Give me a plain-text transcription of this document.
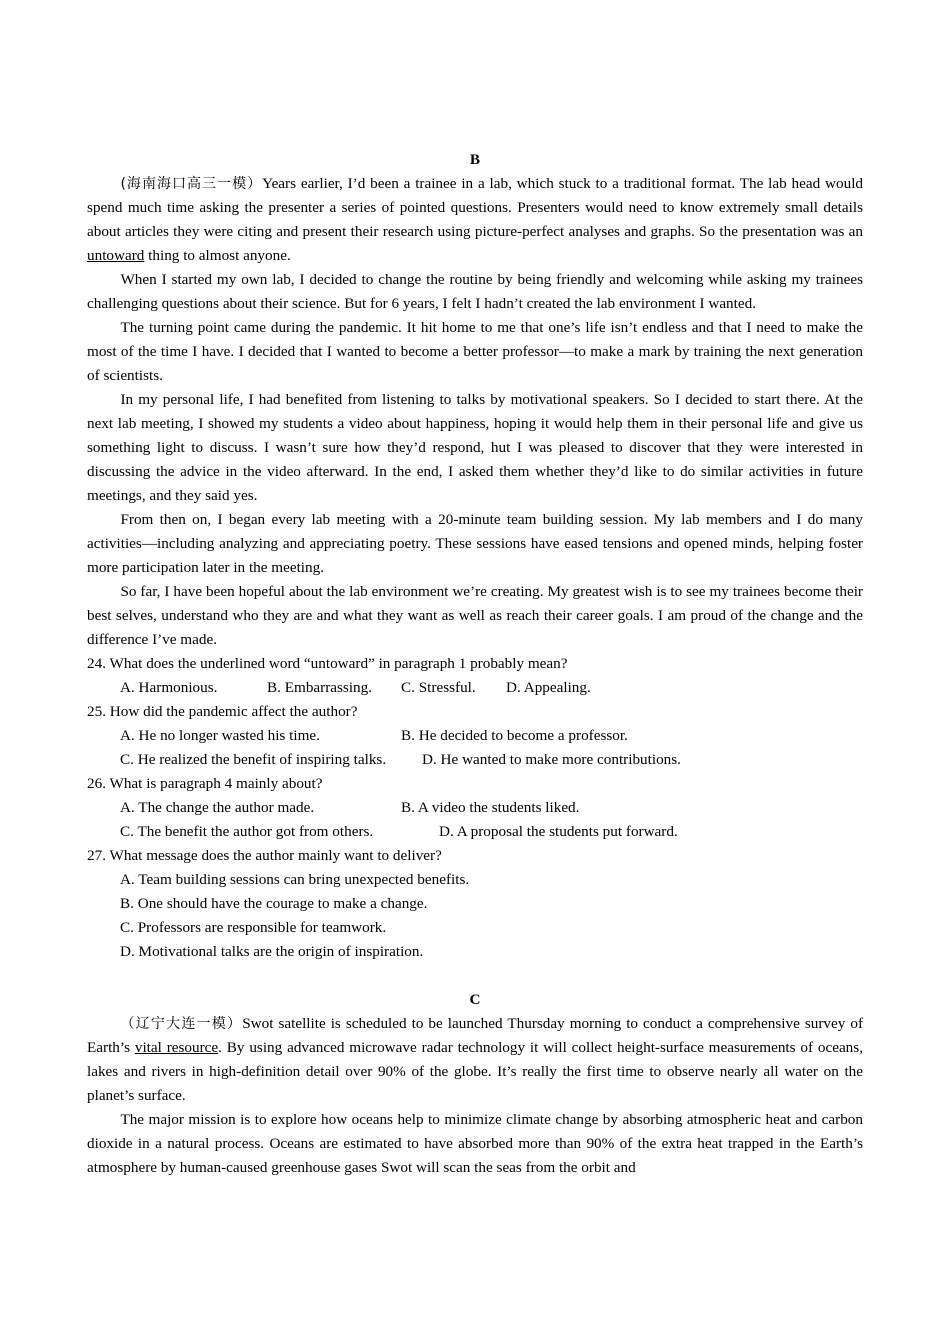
B

(海南海口高三一模）Years earlier, I’d been a trainee in a lab, which stuck to a traditional format. The lab head would spend much time asking the presenter a series of pointed questions. Presenters would need to know extremely small details about articles they were citing and present their research using picture-perfect analyses and graphs. So the presentation was an untoward thing to almost anyone.

When I started my own lab, I decided to change the routine by being friendly and welcoming while asking my trainees challenging questions about their science. But for 6 years, I felt I hadn’t created the lab environment I wanted.

The turning point came during the pandemic. It hit home to me that one’s life isn’t endless and that I need to make the most of the time I have. I decided that I wanted to become a better professor—to make a mark by training the next generation of scientists.

In my personal life, I had benefited from listening to talks by motivational speakers. So I decided to start there. At the next lab meeting, I showed my students a video about happiness, hoping it would help them in their personal life and give us something light to discuss. I wasn’t sure how they’d respond, hut I was pleased to discover that they were interested in discussing the advice in the video afterward. In the end, I asked them whether they’d like to do similar activities in future meetings, and they said yes.

From then on, I began every lab meeting with a 20-minute team building session. My lab members and I do many activities—including analyzing and appreciating poetry. These sessions have eased tensions and opened minds, helping foster more participation later in the meeting.

So far, I have been hopeful about the lab environment we’re creating. My greatest wish is to see my trainees become their best selves, understand who they are and what they want as well as reach their career goals. I am proud of the change and the difference I’ve made.

24. What does the underlined word “untoward” in paragraph 1 probably mean?

A. Harmonious.	B. Embarrassing.	C. Stressful.	D. Appealing.

25. How did the pandemic affect the author?

A. He no longer wasted his time.	B. He decided to become a professor.
C. He realized the benefit of inspiring talks.	D. He wanted to make more contributions.

26. What is paragraph 4 mainly about?

A. The change the author made.	B. A video the students liked.
C. The benefit the author got from others.	D. A proposal the students put forward.

27. What message does the author mainly want to deliver?

A. Team building sessions can bring unexpected benefits.

B. One should have the courage to make a change.

C. Professors are responsible for teamwork.

D. Motivational talks are the origin of inspiration.

C

（辽宁大连一模）Swot satellite is scheduled to be launched Thursday morning to conduct a comprehensive survey of Earth’s vital resource. By using advanced microwave radar technology it will collect height-surface measurements of oceans, lakes and rivers in high-definition detail over 90% of the globe. It’s really the first time to observe nearly all water on the planet’s surface.

The major mission is to explore how oceans help to minimize climate change by absorbing atmospheric heat and carbon dioxide in a natural process. Oceans are estimated to have absorbed more than 90% of the extra heat trapped in the Earth’s atmosphere by human-caused greenhouse gases Swot will scan the seas from the orbit and
